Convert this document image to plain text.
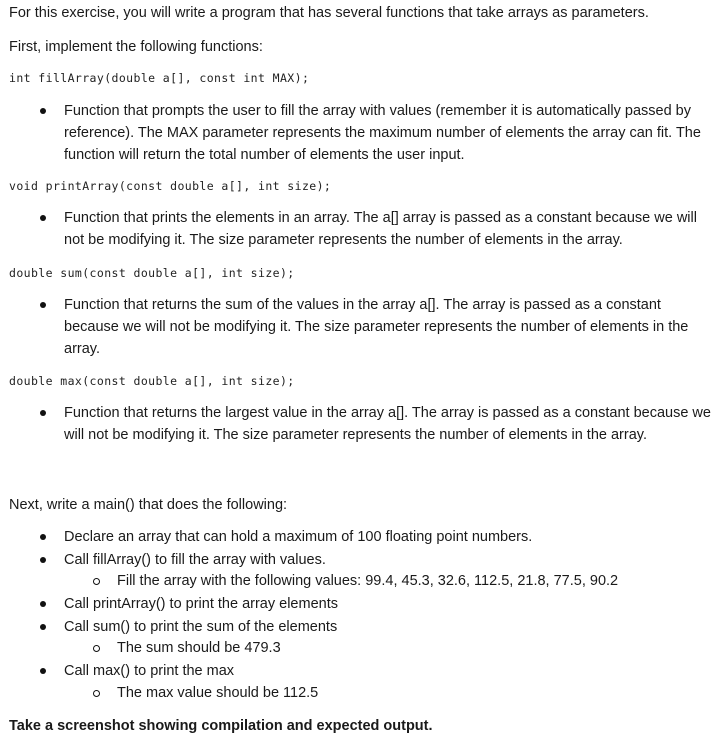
For this exercise, you will write a program that has several functions that take arrays as parameters.
First, implement the following functions:
int fillArray(double a[], const int MAX);
Function that prompts the user to fill the array with values (remember it is automatically passed by reference). The MAX parameter represents the maximum number of elements the array can fit. The function will return the total number of elements the user input.
void printArray(const double a[], int size);
Function that prints the elements in an array. The a[] array is passed as a constant because we will not be modifying it. The size parameter represents the number of elements in the array.
double sum(const double a[], int size);
Function that returns the sum of the values in the array a[]. The array is passed as a constant because we will not be modifying it. The size parameter represents the number of elements in the array.
double max(const double a[], int size);
Function that returns the largest value in the array a[]. The array is passed as a constant because we will not be modifying it. The size parameter represents the number of elements in the array.
Next, write a main() that does the following:
Declare an array that can hold a maximum of 100 floating point numbers.
Call fillArray() to fill the array with values.
Fill the array with the following values: 99.4, 45.3, 32.6, 112.5, 21.8, 77.5, 90.2
Call printArray() to print the array elements
Call sum() to print the sum of the elements
The sum should be 479.3
Call max() to print the max
The max value should be 112.5
Take a screenshot showing compilation and expected output.
